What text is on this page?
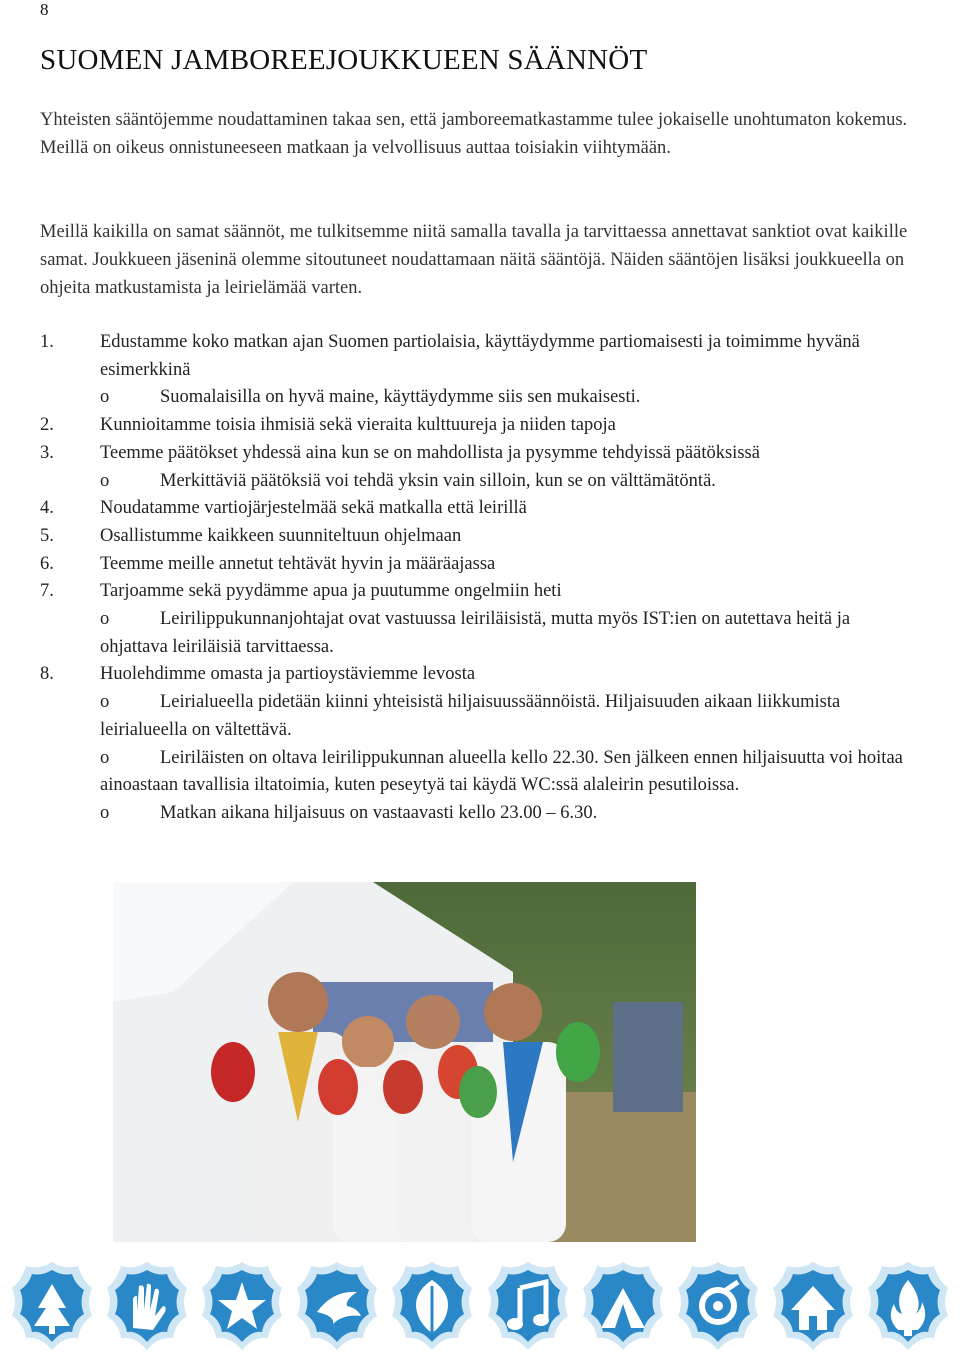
8
SUOMEN JAMBOREEJOUKKUEEN SÄÄNNÖT

Yhteisten sääntöjemme noudattaminen takaa sen, että jamboreematkastamme tulee jokaiselle unohtumaton kokemus. Meillä on oikeus onnistuneeseen matkaan ja velvollisuus auttaa toisiakin viihtymään.

Meillä kaikilla on samat säännöt, me tulkitsemme niitä samalla tavalla ja tarvittaessa annettavat sanktiot ovat kaikille samat. Joukkueen jäseninä olemme sitoutuneet noudattamaan näitä sääntöjä. Näiden sääntöjen lisäksi joukkueella on ohjeita matkustamista ja leirielämää varten.

1.	Edustamme koko matkan ajan Suomen partiolaisia, käyttäydymme partiomaisesti ja toimimme hyvänä esimerkkinä
o	Suomalaisilla on hyvä maine, käyttäydymme siis sen mukaisesti.
2.	Kunnioitamme toisia ihmisiä sekä vieraita kulttuureja ja niiden tapoja
3.	Teemme päätökset yhdessä aina kun se on mahdollista ja pysymme tehdyissä päätöksissä
o	Merkittäviä päätöksiä voi tehdä yksin vain silloin, kun se on välttämätöntä.
4.	Noudatamme vartiojärjestelmää sekä matkalla että leirillä
5.	Osallistumme kaikkeen suunniteltuun ohjelmaan
6.	Teemme meille annetut tehtävät hyvin ja määräajassa
7.	Tarjoamme sekä pyydämme apua ja puutumme ongelmiin heti
o	Leirilippukunnanjohtajat ovat vastuussa leiriläisistä, mutta myös IST:ien on autettava heitä ja ohjattava leiriläisiä tarvittaessa.
8.	Huolehdimme omasta ja partioystäviemme levosta
o	Leirialueella pidetään kiinni yhteisistä hiljaisuussäännöistä. Hiljaisuuden aikaan liikkumista leirialueella on vältettävä.
o	Leiriläisten on oltava leirilippukunnan alueella kello 22.30. Sen jälkeen ennen hiljaisuutta voi hoitaa ainoastaan tavallisia iltatoimia, kuten peseytyä tai käydä WC:ssä alaleirin pesutiloissa.
o	Matkan aikana hiljaisuus on vastaavasti kello 23.00 – 6.30.
